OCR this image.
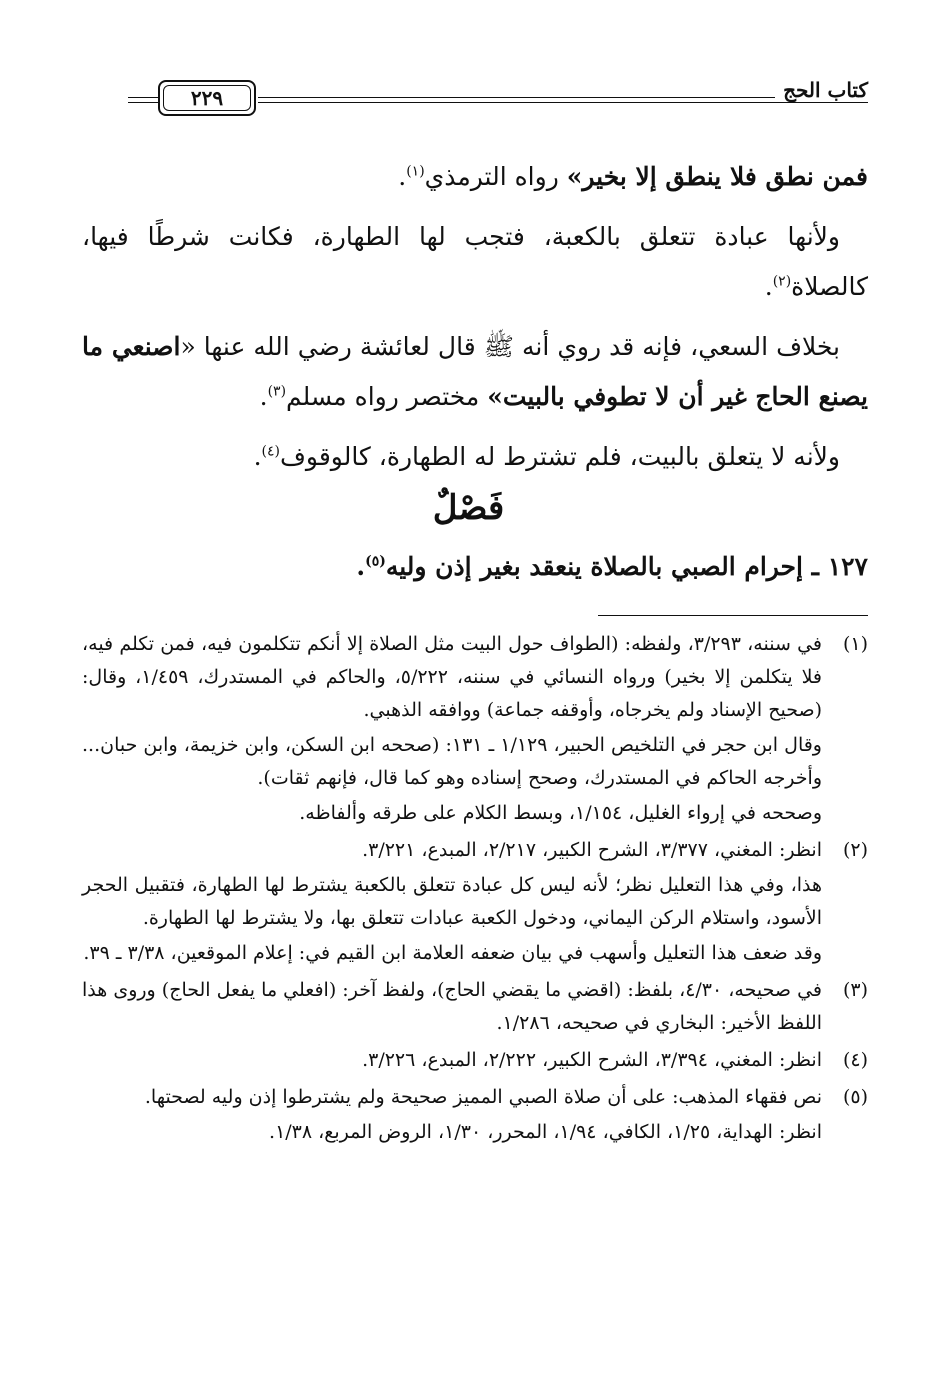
٢٢٩	كتاب الحج

فمن نطق فلا ينطق إلا بخير» رواه الترمذي$^{(١)}$.

ولأنها عبادة تتعلق بالكعبة، فتجب لها الطهارة، فكانت شرطًا فيها، كالصلاة$^{(٢)}$.

بخلاف السعي، فإنه قد روي أنه ﷺ قال لعائشة رضي الله عنها «اصنعي ما يصنع الحاج غير أن لا تطوفي بالبيت» مختصر رواه مسلم$^{(٣)}$.

ولأنه لا يتعلق بالبيت، فلم تشترط له الطهارة، كالوقوف$^{(٤)}$.

فَصْلٌ
١٢٧ ـ إحرام الصبي بالصلاة ينعقد بغير إذن وليه$^{(٥)}$.
(١)

في سننه، ٣/٢٩٣، ولفظه: (الطواف حول البيت مثل الصلاة إلا أنكم تتكلمون فيه، فمن تكلم فيه، فلا يتكلمن إلا بخير) ورواه النسائي في سننه، ٥/٢٢٢، والحاكم في المستدرك، ١/٤٥٩، وقال: (صحيح الإسناد ولم يخرجاه، وأوقفه جماعة) ووافقه الذهبي.

وقال ابن حجر في التلخيص الحبير، ١/١٢٩ ـ ١٣١: (صححه ابن السكن، وابن خزيمة، وابن حبان... وأخرجه الحاكم في المستدرك، وصحح إسناده وهو كما قال، فإنهم ثقات).

وصححه في إرواء الغليل، ١/١٥٤، وبسط الكلام على طرقه وألفاظه.

(٢)

انظر: المغني، ٣/٣٧٧، الشرح الكبير، ٢/٢١٧، المبدع، ٣/٢٢١.

هذا، وفي هذا التعليل نظر؛ لأنه ليس كل عبادة تتعلق بالكعبة يشترط لها الطهارة، فتقبيل الحجر الأسود، واستلام الركن اليماني، ودخول الكعبة عبادات تتعلق بها، ولا يشترط لها الطهارة.

وقد ضعف هذا التعليل وأسهب في بيان ضعفه العلامة ابن القيم في: إعلام الموقعين، ٣/٣٨ ـ ٣٩.

(٣)

في صحيحه، ٤/٣٠، بلفظ: (اقضي ما يقضي الحاج)، ولفظ آخر: (افعلي ما يفعل الحاج) وروى هذا اللفظ الأخير: البخاري في صحيحه، ١/٢٨٦.

(٤)

انظر: المغني، ٣/٣٩٤، الشرح الكبير، ٢/٢٢٢، المبدع، ٣/٢٢٦.

(٥)

نص فقهاء المذهب: على أن صلاة الصبي المميز صحيحة ولم يشترطوا إذن وليه لصحتها.

انظر: الهداية، ١/٢٥، الكافي، ١/٩٤، المحرر، ١/٣٠، الروض المربع، ١/٣٨.
